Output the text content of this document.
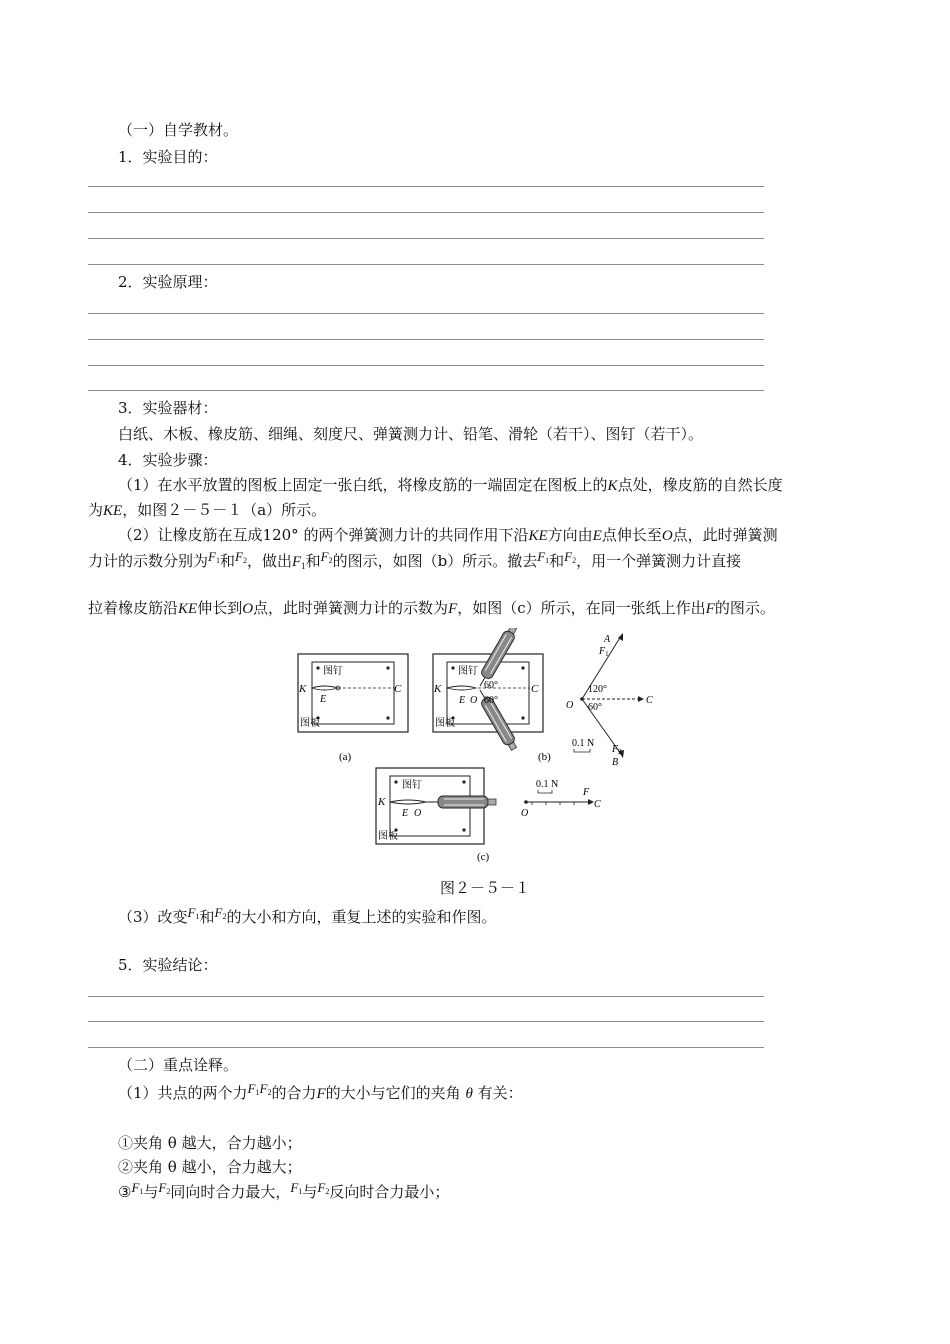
（一）自学教材。
1．实验目的：
2．实验原理：
3．实验器材：
白纸、木板、橡皮筋、细绳、刻度尺、弹簧测力计、铅笔、滑轮（若干）、图钉（若干）。
4．实验步骤：
（1）在水平放置的图板上固定一张白纸，将橡皮筋的一端固定在图板上的K点处，橡皮筋的自然长度
为KE，如图２－５－１（a）所示。
（2）让橡皮筋在互成120° 的两个弹簧测力计的共同作用下沿KE方向由E点伸长至O点，此时弹簧测
力计的示数分别为$F_1$和$F_2$，做出$F_1$和$F_2$的图示，如图（b）所示。撤去$F_1$和$F_2$，用一个弹簧测力计直接
拉着橡皮筋沿KE伸长到O点，此时弹簧测力计的示数为F，如图（c）所示，在同一张纸上作出F的图示。
图钉
图板
K	C
E
(a)
图钉
图板
K	C
60°
60°
E O
(b)
O	C
A
$F_1$
120°
60°
$F_2$
B
0.1 N
图钉
图板
K
E O
(c)
O
C
F
0.1 N
图２－５－１
（3）改变$F_1$和$F_2$的大小和方向，重复上述的实验和作图。
5．实验结论：
（二）重点诠释。
（1）共点的两个力$F_1F_2$的合力F的大小与它们的夹角 θ 有关：
①夹角 θ 越大，合力越小；
②夹角 θ 越小，合力越大；
$③F_1$与$F_2$同向时合力最大，$F_1$与$F_2$反向时合力最小；
